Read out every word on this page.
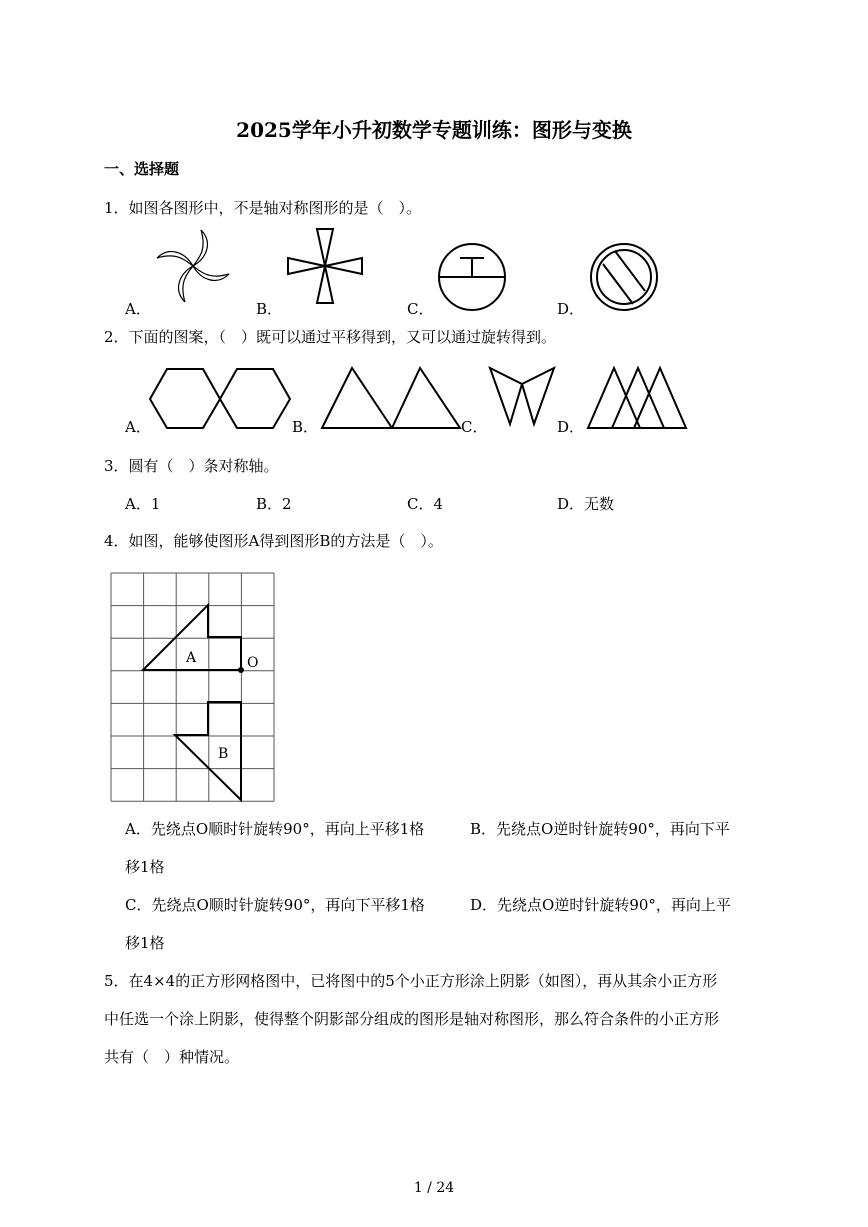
2025学年小升初数学专题训练：图形与变换
一、选择题
1．如图各图形中，不是轴对称图形的是（　）。
A．	B．	C．	D．
2．下面的图案，（　）既可以通过平移得到，又可以通过旋转得到。
A．	B．	C．	D．
3．圆有（　）条对称轴。
A．1	B．2	C．4	D．无数
4．如图，能够使图形A得到图形B的方法是（　）。
A
B
O
A．先绕点O顺时针旋转90°，再向上平移1格	B．先绕点O逆时针旋转90°，再向下平
移1格
C．先绕点O顺时针旋转90°，再向下平移1格	D．先绕点O逆时针旋转90°，再向上平
移1格
5．在4×4的正方形网格图中，已将图中的5个小正方形涂上阴影（如图），再从其余小正方形
中任选一个涂上阴影，使得整个阴影部分组成的图形是轴对称图形，那么符合条件的小正方形
共有（　）种情况。
1 / 24
